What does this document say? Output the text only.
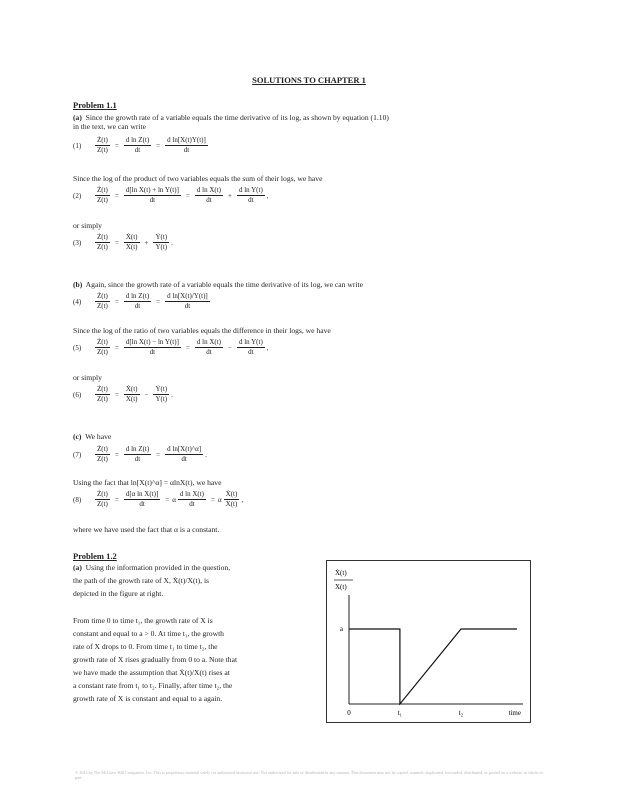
SOLUTIONS TO CHAPTER 1
Problem 1.1
(a) Since the growth rate of a variable equals the time derivative of its log, as shown by equation (1.10)
in the text, we can write
(1)	$\frac{Ż(t)}{Z(t)} = \frac{\text{d ln Z(t)}}{dt} = \frac{\text{d ln[X(t)Y(t)]}}{dt}$
Since the log of the product of two variables equals the sum of their logs, we have
(2)	$\frac{Ż(t)}{Z(t)} = \frac{\text{d[ln X(t) + ln Y(t)]}}{dt} = \frac{\text{d ln X(t)}}{dt} + \frac{\text{d ln Y(t)}}{dt}$ ,
or simply
(3)	$\frac{Ż(t)}{Z(t)} = \frac{\text{Ẋ(t)}}{X(t)} + \frac{\text{Ẏ(t)}}{Y(t)}$ .
(b) Again, since the growth rate of a variable equals the time derivative of its log, we can write
(4)	$\frac{Ż(t)}{Z(t)} = \frac{\text{d ln Z(t)}}{dt} = \frac{\text{d ln[X(t)/Y(t)]}}{dt}$
Since the log of the ratio of two variables equals the difference in their logs, we have
(5)	$\frac{Ż(t)}{Z(t)} = \frac{\text{d[ln X(t) − ln Y(t)]}}{dt} = \frac{\text{d ln X(t)}}{dt} - \frac{\text{d ln Y(t)}}{dt}$ ,
or simply
(6)	$\frac{Ż(t)}{Z(t)} = \frac{\text{Ẋ(t)}}{X(t)} - \frac{\text{Ẏ(t)}}{Y(t)}$ .
(c) We have
(7)	$\frac{Ż(t)}{Z(t)} = \frac{\text{d ln Z(t)}}{dt} = \frac{\text{d ln[X(t)\textasciicircum{}α]}}{dt}$ .
Using the fact that ln[X(t)^α] = αlnX(t), we have
(8)	$\frac{Ż(t)}{Z(t)} = \frac{\text{d[α ln X(t)]}}{dt} = \alpha \frac{\text{d ln X(t)}}{dt} = \alpha \frac{\text{Ẋ(t)}}{X(t)}$ ,
where we have used the fact that α is a constant.
Problem 1.2
(a) Using the information provided in the question,
the path of the growth rate of X, Ẋ(t)/X(t), is
depicted in the figure at right.
From time 0 to time t₁, the growth rate of X is
constant and equal to a > 0. At time t₁, the growth
rate of X drops to 0. From time t₁ to time t₂, the
growth rate of X rises gradually from 0 to a. Note that
we have made the assumption that Ẋ(t)/X(t) rises at
a constant rate from t₁ to t₂. Finally, after time t₂, the
growth rate of X is constant and equal to a again.
Ẋ(t)
X(t)
a
0	t₁	t₂	time
© 2012 by The McGraw-Hill Companies, Inc. This is proprietary material solely for authorized instructor use. Not authorized for sale or distribution in any manner. This document may not be copied, scanned, duplicated, forwarded, distributed, or posted on a website, in whole or part.
